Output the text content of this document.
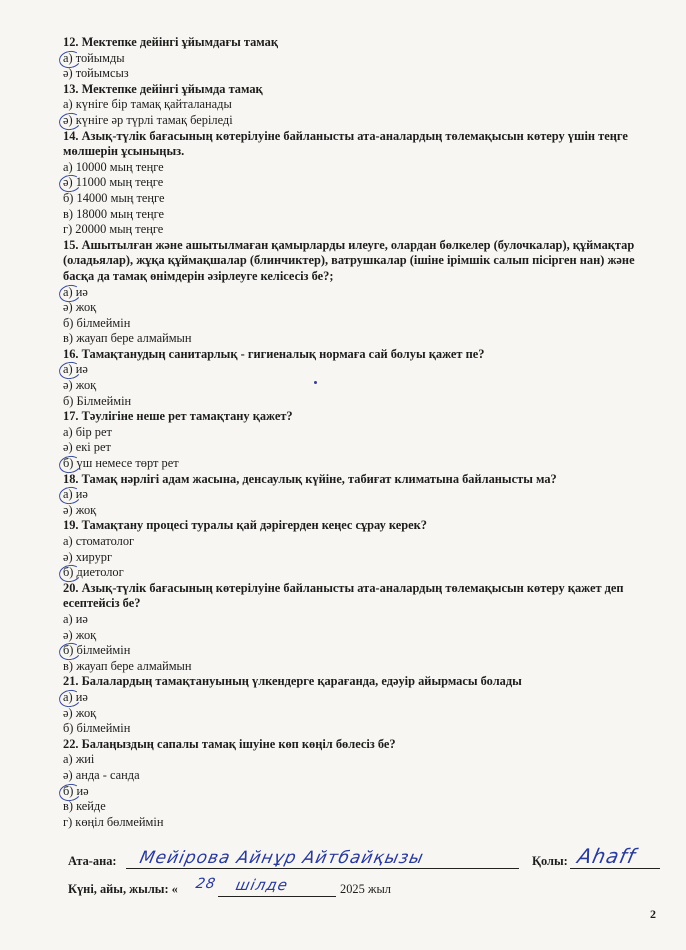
12. Мектепке дейінгі ұйымдағы тамақ
а) тойымды
ә) тойымсыз
13. Мектепке дейінгі ұйымда тамақ
а) күніге бір тамақ қайталанады
ә) күніге әр түрлі тамақ беріледі
14. Азық-түлік бағасының көтерілуіне байланысты ата-аналардың төлемақысын көтеру үшін теңге мөлшерін ұсыныңыз.
а) 10000 мың теңге
ә) 11000 мың теңге
б) 14000 мың теңге
в) 18000 мың теңге
г) 20000 мың теңге
15. Ашытылған және ашытылмаған қамырларды илеуге, олардан бөлкелер (булочкалар), құймақтар (оладьялар), жұқа құймақшалар (блинчиктер), ватрушкалар (ішіне ірімшік салып пісірген нан) және басқа да тамақ өнімдерін әзірлеуге келісесіз бе?;
а) иә
ә) жоқ
б) білмеймін
в) жауап бере алмаймын
16. Тамақтанудың санитарлық - гигиеналық нормаға сай болуы қажет пе?
а) иә
ә) жоқ
б) Білмеймін
17. Тәулігіне неше рет тамақтану қажет?
а) бір рет
ә) екі рет
б) үш немесе төрт рет
18. Тамақ нәрлігі адам жасына, денсаулық күйіне, табиғат климатына байланысты ма?
а) иә
ә) жоқ
19. Тамақтану процесі туралы қай дәрігерден кеңес сұрау керек?
а) стоматолог
ә) хирург
б) диетолог
20. Азық-түлік бағасының көтерілуіне байланысты ата-аналардың төлемақысын көтеру қажет деп есептейсіз бе?
а) иә
ә) жоқ
б) білмеймін
в) жауап бере алмаймын
21. Балалардың тамақтануының үлкендерге қарағанда, едәуір айырмасы болады
а) иә
ә) жоқ
б) білмеймін
22. Балаңыздың сапалы тамақ ішуіне көп көңіл бөлесіз бе?
а) жиі
ә) анда - санда
б) иә
в) кейде
г) көңіл бөлмеймін
Ата-ана: Мейірова Айнұр Айтбайқызы	Қолы: Ahaff
Күні, айы, жылы: « 28 шілде	2025 жыл
2
